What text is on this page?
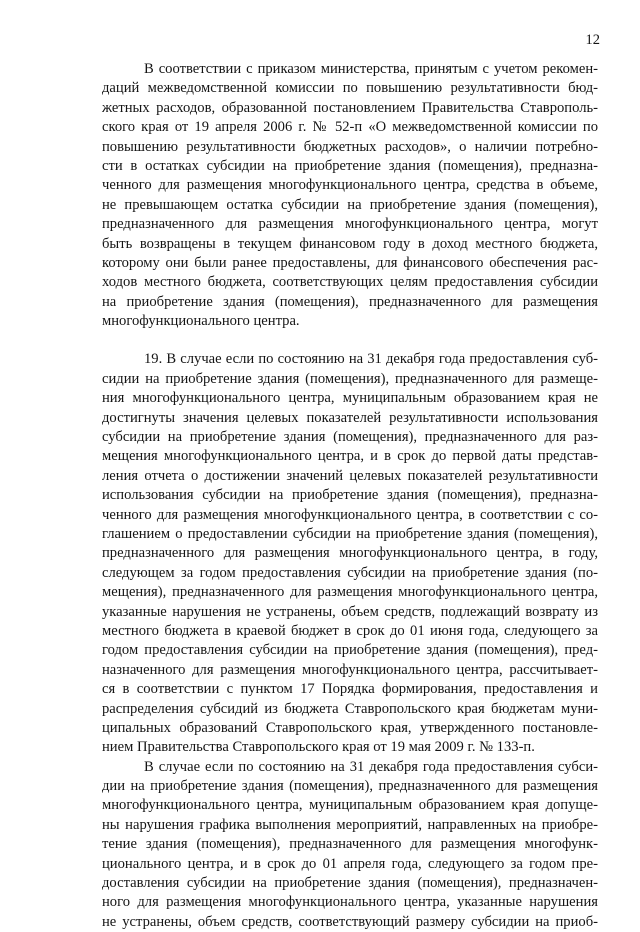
12
В соответствии с приказом министерства, принятым с учетом рекомен-
даций межведомственной комиссии по повышению результативности бюд-
жетных расходов, образованной постановлением Правительства Ставрополь-
ского края от 19 апреля 2006 г. № 52-п «О межведомственной комиссии по
повышению результативности бюджетных расходов», о наличии потребно-
сти в остатках субсидии на приобретение здания (помещения), предназна-
ченного для размещения многофункционального центра, средства в объеме,
не превышающем остатка субсидии на приобретение здания (помещения),
предназначенного для размещения многофункционального центра, могут
быть возвращены в текущем финансовом году в доход местного бюджета,
которому они были ранее предоставлены, для финансового обеспечения рас-
ходов местного бюджета, соответствующих целям предоставления субсидии
на приобретение здания (помещения), предназначенного для размещения
многофункционального центра.
19. В случае если по состоянию на 31 декабря года предоставления суб-
сидии на приобретение здания (помещения), предназначенного для размеще-
ния многофункционального центра, муниципальным образованием края не
достигнуты значения целевых показателей результативности использования
субсидии на приобретение здания (помещения), предназначенного для раз-
мещения многофункционального центра, и в срок до первой даты представ-
ления отчета о достижении значений целевых показателей результативности
использования субсидии на приобретение здания (помещения), предназна-
ченного для размещения многофункционального центра, в соответствии с со-
глашением о предоставлении субсидии на приобретение здания (помещения),
предназначенного для размещения многофункционального центра, в году,
следующем за годом предоставления субсидии на приобретение здания (по-
мещения), предназначенного для размещения многофункционального центра,
указанные нарушения не устранены, объем средств, подлежащий возврату из
местного бюджета в краевой бюджет в срок до 01 июня года, следующего за
годом предоставления субсидии на приобретение здания (помещения), пред-
назначенного для размещения многофункционального центра, рассчитывает-
ся в соответствии с пунктом 17 Порядка формирования, предоставления и
распределения субсидий из бюджета Ставропольского края бюджетам муни-
ципальных образований Ставропольского края, утвержденного постановле-
нием Правительства Ставропольского края от 19 мая 2009 г. № 133-п.
В случае если по состоянию на 31 декабря года предоставления субси-
дии на приобретение здания (помещения), предназначенного для размещения
многофункционального центра, муниципальным образованием края допуще-
ны нарушения графика выполнения мероприятий, направленных на приобре-
тение здания (помещения), предназначенного для размещения многофунк-
ционального центра, и в срок до 01 апреля года, следующего за годом пре-
доставления субсидии на приобретение здания (помещения), предназначен-
ного для размещения многофункционального центра, указанные нарушения
не устранены, объем средств, соответствующий размеру субсидии на приоб-
